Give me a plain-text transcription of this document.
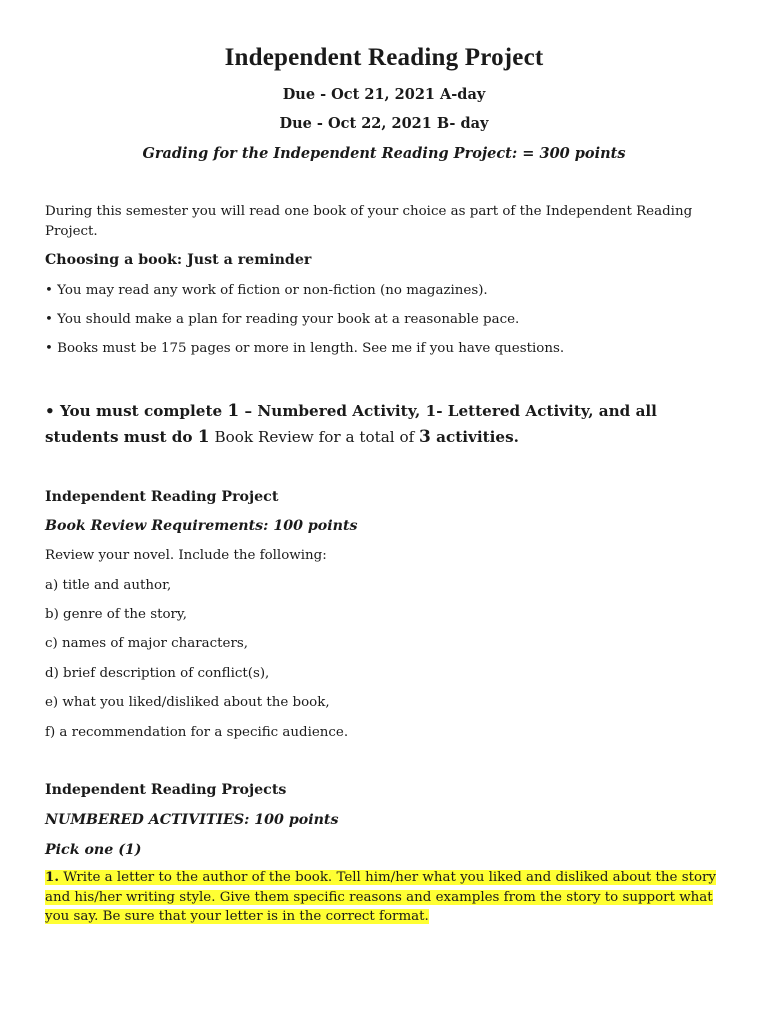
Independent Reading Project
Due - Oct 21, 2021 A-day
Due - Oct 22, 2021 B- day
Grading for the Independent Reading Project: = 300 points
During this semester you will read one book of your choice as part of the Independent Reading Project.
Choosing a book: Just a reminder
• You may read any work of fiction or non-fiction (no magazines).
• You should make a plan for reading your book at a reasonable pace.
• Books must be 175 pages or more in length. See me if you have questions.
• You must complete 1 – Numbered Activity, 1- Lettered Activity, and all students must do 1 Book Review for a total of 3 activities.
Independent Reading Project
Book Review Requirements: 100 points
Review your novel. Include the following:
a) title and author,
b) genre of the story,
c) names of major characters,
d) brief description of conflict(s),
e) what you liked/disliked about the book,
f) a recommendation for a specific audience.
Independent Reading Projects
NUMBERED ACTIVITIES: 100 points
Pick one (1)
1. Write a letter to the author of the book. Tell him/her what you liked and disliked about the story and his/her writing style. Give them specific reasons and examples from the story to support what you say. Be sure that your letter is in the correct format.
